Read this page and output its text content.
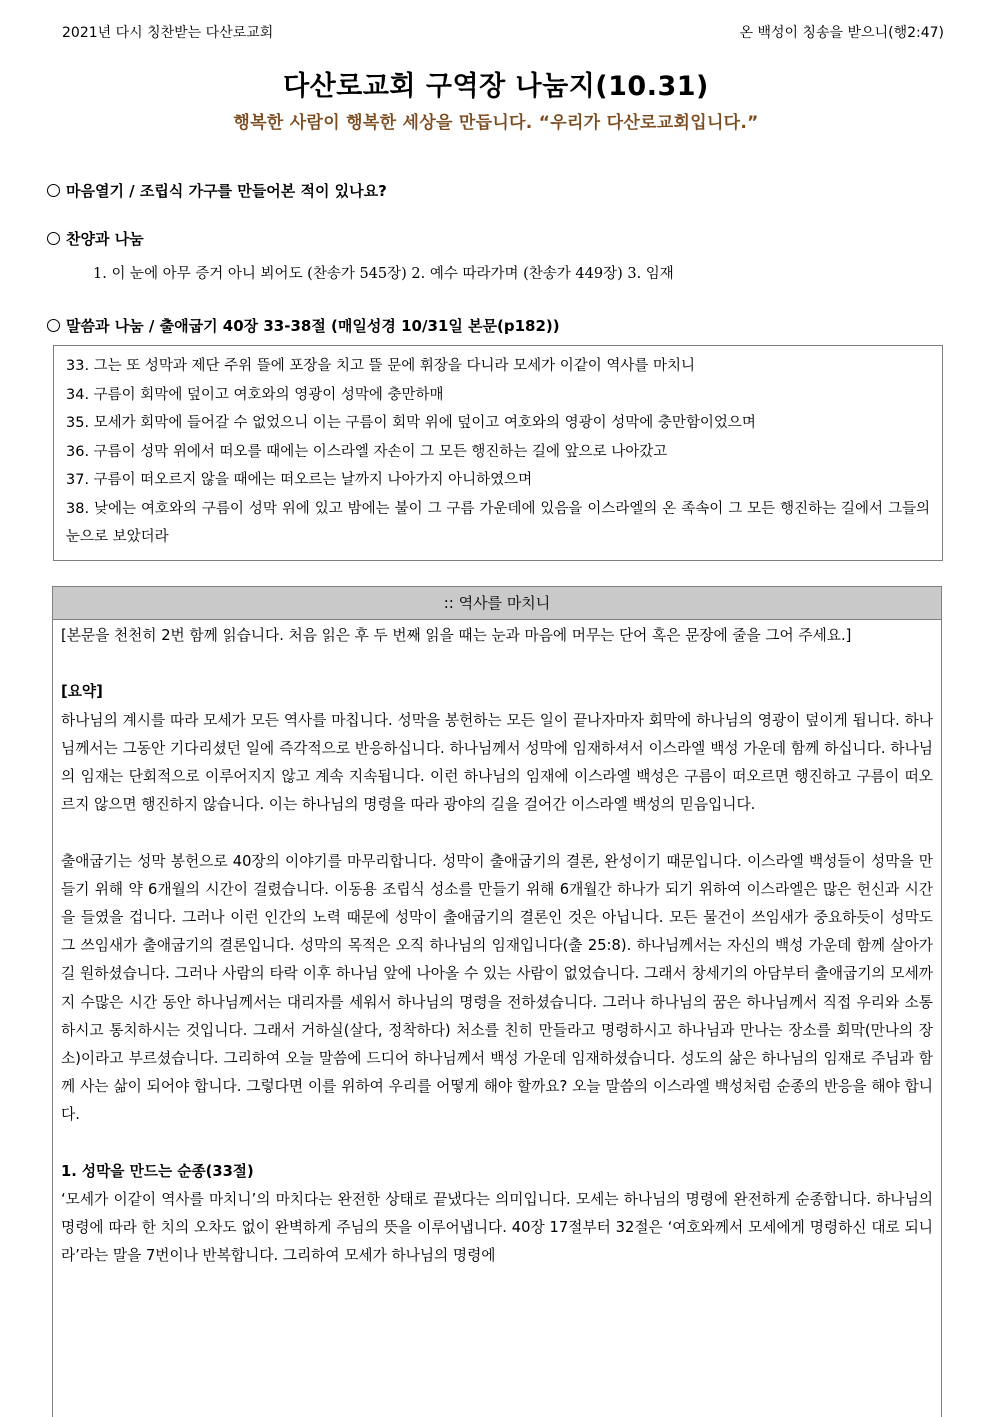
2021년 다시 칭찬받는 다산로교회	온 백성이 칭송을 받으니(행2:47)
다산로교회 구역장 나눔지(10.31)
행복한 사람이 행복한 세상을 만듭니다. “우리가 다산로교회입니다.”
마음열기 / 조립식 가구를 만들어본 적이 있나요?
찬양과 나눔
1. 이 눈에 아무 증거 아니 뵈어도 (찬송가 545장) 2. 예수 따라가며 (찬송가 449장) 3. 임재
말씀과 나눔 / 출애굽기 40장 33-38절 (매일성경 10/31일 본문(p182))
33. 그는 또 성막과 제단 주위 뜰에 포장을 치고 뜰 문에 휘장을 다니라 모세가 이같이 역사를 마치니
34. 구름이 회막에 덮이고 여호와의 영광이 성막에 충만하매
35. 모세가 회막에 들어갈 수 없었으니 이는 구름이 회막 위에 덮이고 여호와의 영광이 성막에 충만함이었으며
36. 구름이 성막 위에서 떠오를 때에는 이스라엘 자손이 그 모든 행진하는 길에 앞으로 나아갔고
37. 구름이 떠오르지 않을 때에는 떠오르는 날까지 나아가지 아니하였으며
38. 낮에는 여호와의 구름이 성막 위에 있고 밤에는 불이 그 구름 가운데에 있음을 이스라엘의 온 족속이 그 모든 행진하는 길에서 그들의 눈으로 보았더라
:: 역사를 마치니

[본문을 천천히 2번 함께 읽습니다. 처음 읽은 후 두 번째 읽을 때는 눈과 마음에 머무는 단어 혹은 문장에 줄을 그어 주세요.]

[요약]

하나님의 계시를 따라 모세가 모든 역사를 마칩니다. 성막을 봉헌하는 모든 일이 끝나자마자 회막에 하나님의 영광이 덮이게 됩니다. 하나님께서는 그동안 기다리셨던 일에 즉각적으로 반응하십니다. 하나님께서 성막에 임재하셔서 이스라엘 백성 가운데 함께 하십니다. 하나님의 임재는 단회적으로 이루어지지 않고 계속 지속됩니다. 이런 하나님의 임재에 이스라엘 백성은 구름이 떠오르면 행진하고 구름이 떠오르지 않으면 행진하지 않습니다. 이는 하나님의 명령을 따라 광야의 길을 걸어간 이스라엘 백성의 믿음입니다.

출애굽기는 성막 봉헌으로 40장의 이야기를 마무리합니다. 성막이 출애굽기의 결론, 완성이기 때문입니다. 이스라엘 백성들이 성막을 만들기 위해 약 6개월의 시간이 걸렸습니다. 이동용 조립식 성소를 만들기 위해 6개월간 하나가 되기 위하여 이스라엘은 많은 헌신과 시간을 들였을 겁니다. 그러나 이런 인간의 노력 때문에 성막이 출애굽기의 결론인 것은 아닙니다. 모든 물건이 쓰임새가 중요하듯이 성막도 그 쓰임새가 출애굽기의 결론입니다. 성막의 목적은 오직 하나님의 임재입니다(출 25:8). 하나님께서는 자신의 백성 가운데 함께 살아가길 원하셨습니다. 그러나 사람의 타락 이후 하나님 앞에 나아올 수 있는 사람이 없었습니다. 그래서 창세기의 아담부터 출애굽기의 모세까지 수많은 시간 동안 하나님께서는 대리자를 세워서 하나님의 명령을 전하셨습니다. 그러나 하나님의 꿈은 하나님께서 직접 우리와 소통하시고 통치하시는 것입니다. 그래서 거하실(살다, 정착하다) 처소를 친히 만들라고 명령하시고 하나님과 만나는 장소를 회막(만나의 장소)이라고 부르셨습니다. 그리하여 오늘 말씀에 드디어 하나님께서 백성 가운데 임재하셨습니다. 성도의 삶은 하나님의 임재로 주님과 함께 사는 삶이 되어야 합니다. 그렇다면 이를 위하여 우리를 어떻게 해야 할까요? 오늘 말씀의 이스라엘 백성처럼 순종의 반응을 해야 합니다.

1. 성막을 만드는 순종(33절)

‘모세가 이같이 역사를 마치니’의 마치다는 완전한 상태로 끝냈다는 의미입니다. 모세는 하나님의 명령에 완전하게 순종합니다. 하나님의 명령에 따라 한 치의 오차도 없이 완벽하게 주님의 뜻을 이루어냅니다. 40장 17절부터 32절은 ‘여호와께서 모세에게 명령하신 대로 되니라’라는 말을 7번이나 반복합니다. 그리하여 모세가 하나님의 명령에
